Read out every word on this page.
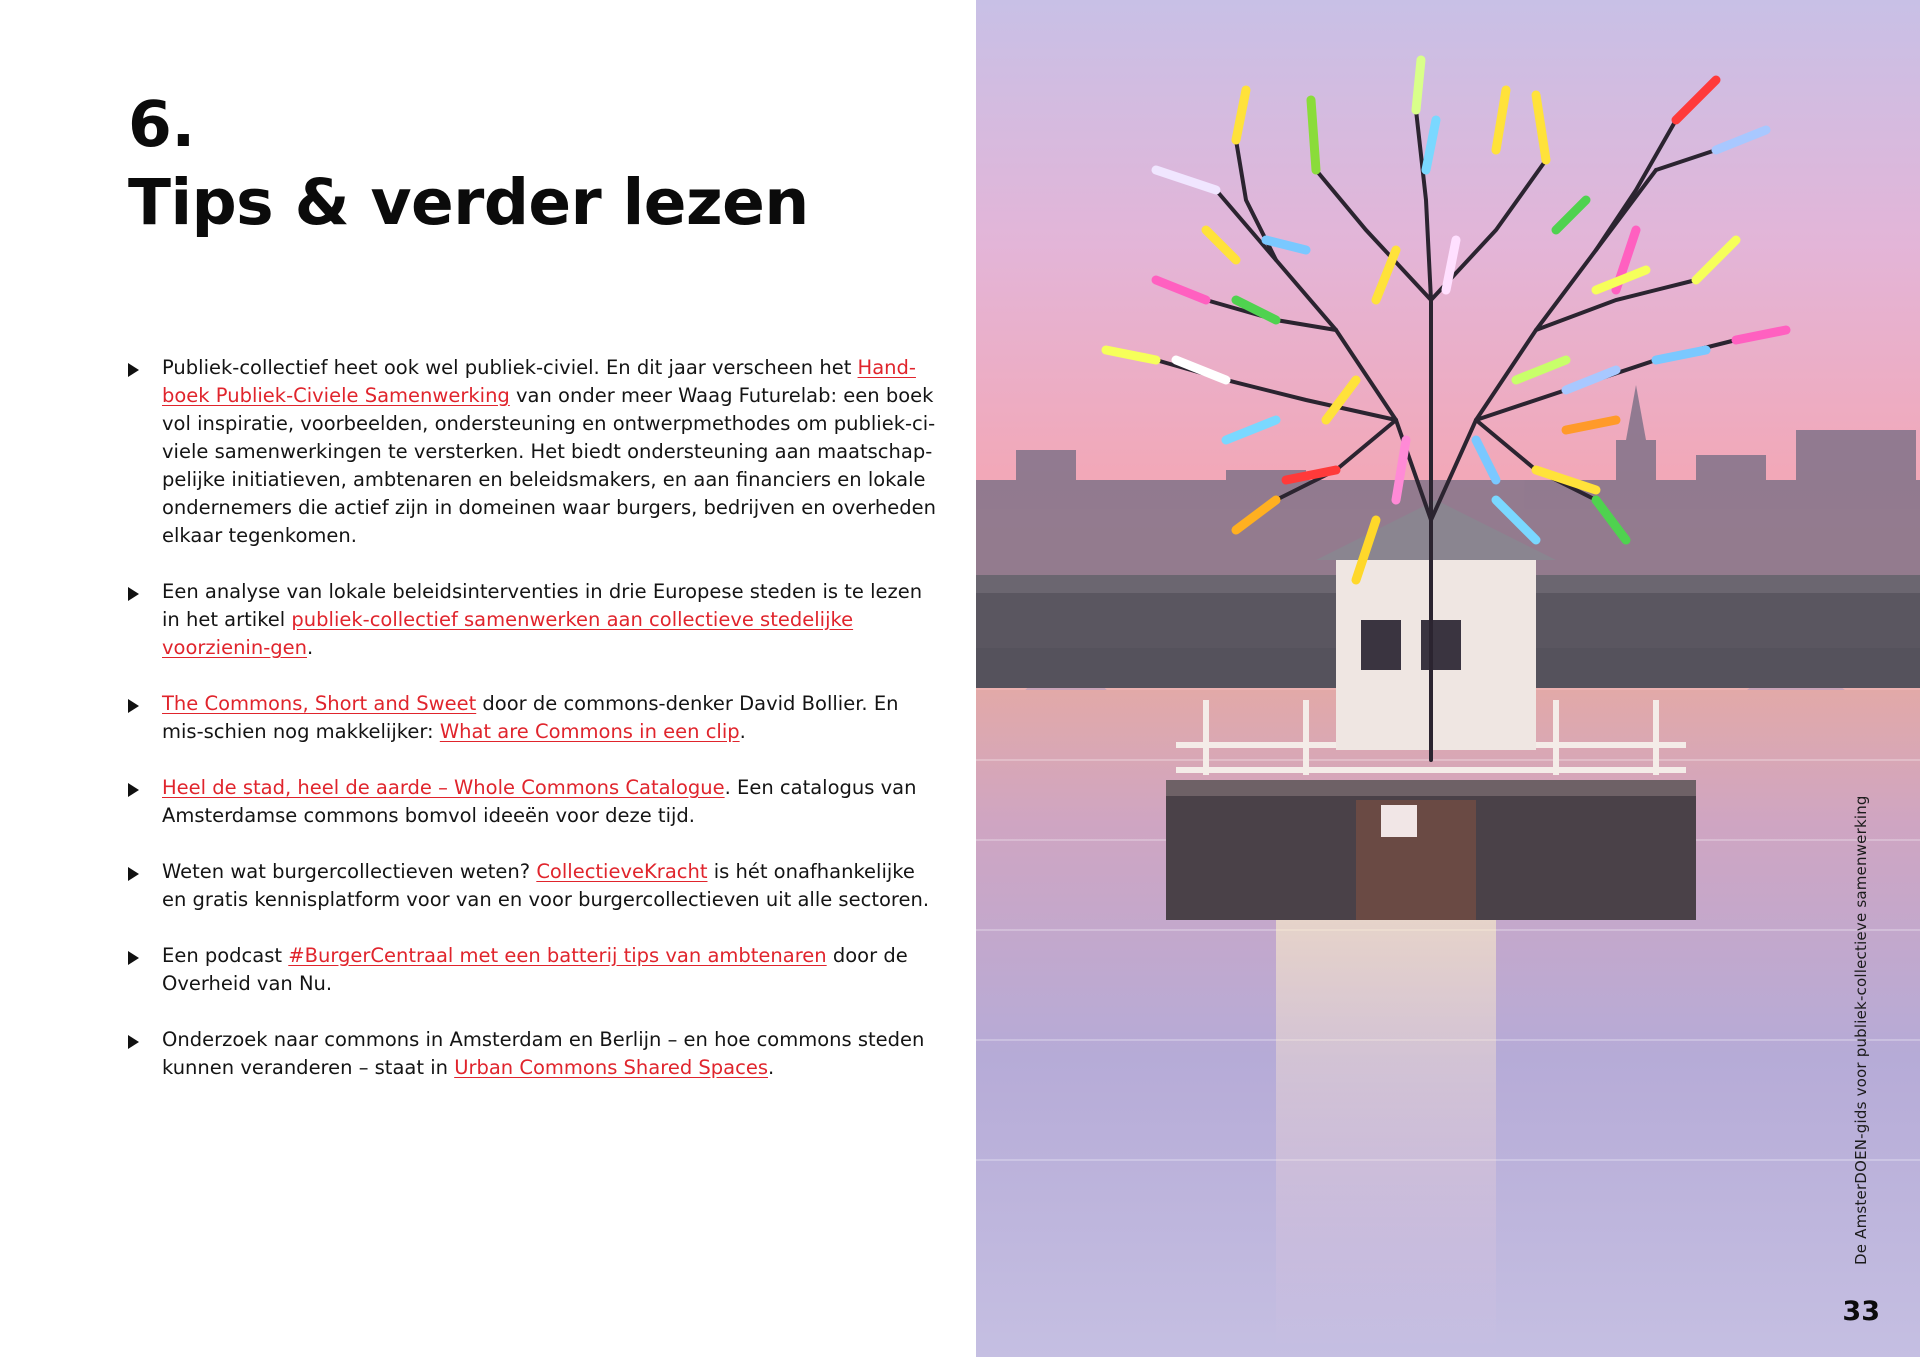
6.
Tips & verder lezen
Publiek-collectief heet ook wel publiek-civiel. En dit jaar verscheen het Hand-boek Publiek-Civiele Samenwerking van onder meer Waag Futurelab: een boek vol inspiratie, voorbeelden, ondersteuning en ontwerpmethodes om publiek-ci-viele samenwerkingen te versterken. Het biedt ondersteuning aan maatschap-pelijke initiatieven, ambtenaren en beleidsmakers, en aan financiers en lokale ondernemers die actief zijn in domeinen waar burgers, bedrijven en overheden elkaar tegenkomen.
Een analyse van lokale beleidsinterventies in drie Europese steden is te lezen in het artikel publiek-collectief samenwerken aan collectieve stedelijke voorzienin-gen.
The Commons, Short and Sweet door de commons-denker David Bollier. En mis-schien nog makkelijker: What are Commons in een clip.
Heel de stad, heel de aarde – Whole Commons Catalogue. Een catalogus van Amsterdamse commons bomvol ideeën voor deze tijd.
Weten wat burgercollectieven weten? CollectieveKracht is hét onafhankelijke en gratis kennisplatform voor van en voor burgercollectieven uit alle sectoren.
Een podcast #BurgerCentraal met een batterij tips van ambtenaren door de Overheid van Nu.
Onderzoek naar commons in Amsterdam en Berlijn – en hoe commons steden kunnen veranderen – staat in Urban Commons Shared Spaces.	De AmsterDOEN-gids voor publiek-collectieve samenwerking
33
